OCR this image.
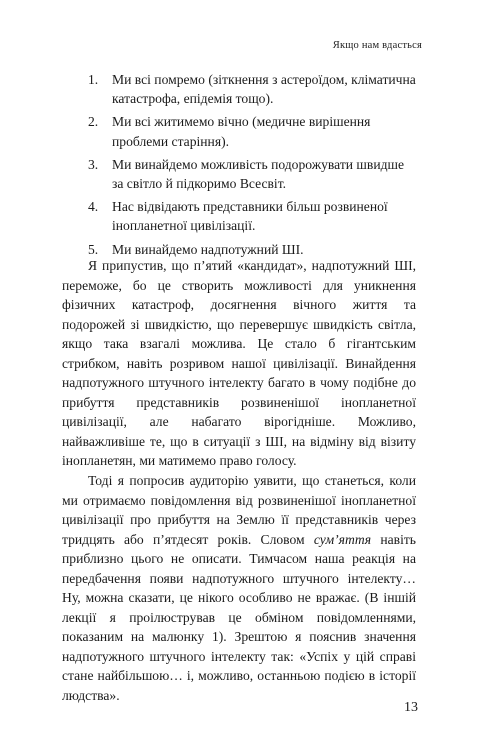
Якщо нам вдасться
1. Ми всі помремо (зіткнення з астероїдом, кліматична катастрофа, епідемія тощо).
2. Ми всі житимемо вічно (медичне вирішення проблеми старіння).
3. Ми винайдемо можливість подорожувати швидше за світло й підкоримо Всесвіт.
4. Нас відвідають представники більш розвиненої інопланетної цивілізації.
5. Ми винайдемо надпотужний ШІ.

Я припустив, що п’ятий «кандидат», надпотужний ШІ, переможе, бо це створить можливості для уникнення фізичних катастроф, досягнення вічного життя та подорожей зі швидкістю, що перевершує швидкість світла, якщо така взагалі можлива. Це стало б гігантським стрибком, навіть розривом нашої цивілізації. Винайдення надпотужного штучного інтелекту багато в чому подібне до прибуття представників розвиненішої інопланетної цивілізації, але набагато вірогідніше. Можливо, найважливіше те, що в ситуації з ШІ, на відміну від візиту інопланетян, ми матимемо право голосу.

Тоді я попросив аудиторію уявити, що станеться, коли ми отримаємо повідомлення від розвиненішої інопланетної цивілізації про прибуття на Землю її представників через тридцять або п’ятдесят років. Словом сум’яття навіть приблизно цього не описати. Тимчасом наша реакція на передбачення появи надпотужного штучного інтелекту… Ну, можна сказати, це нікого особливо не вражає. (В іншій лекції я проілюстрував це обміном повідомленнями, показаним на малюнку 1). Зрештою я пояснив значення надпотужного штучного інтелекту так: «Успіх у цій справі стане найбільшою… і, можливо, останньою подією в історії людства».

13
